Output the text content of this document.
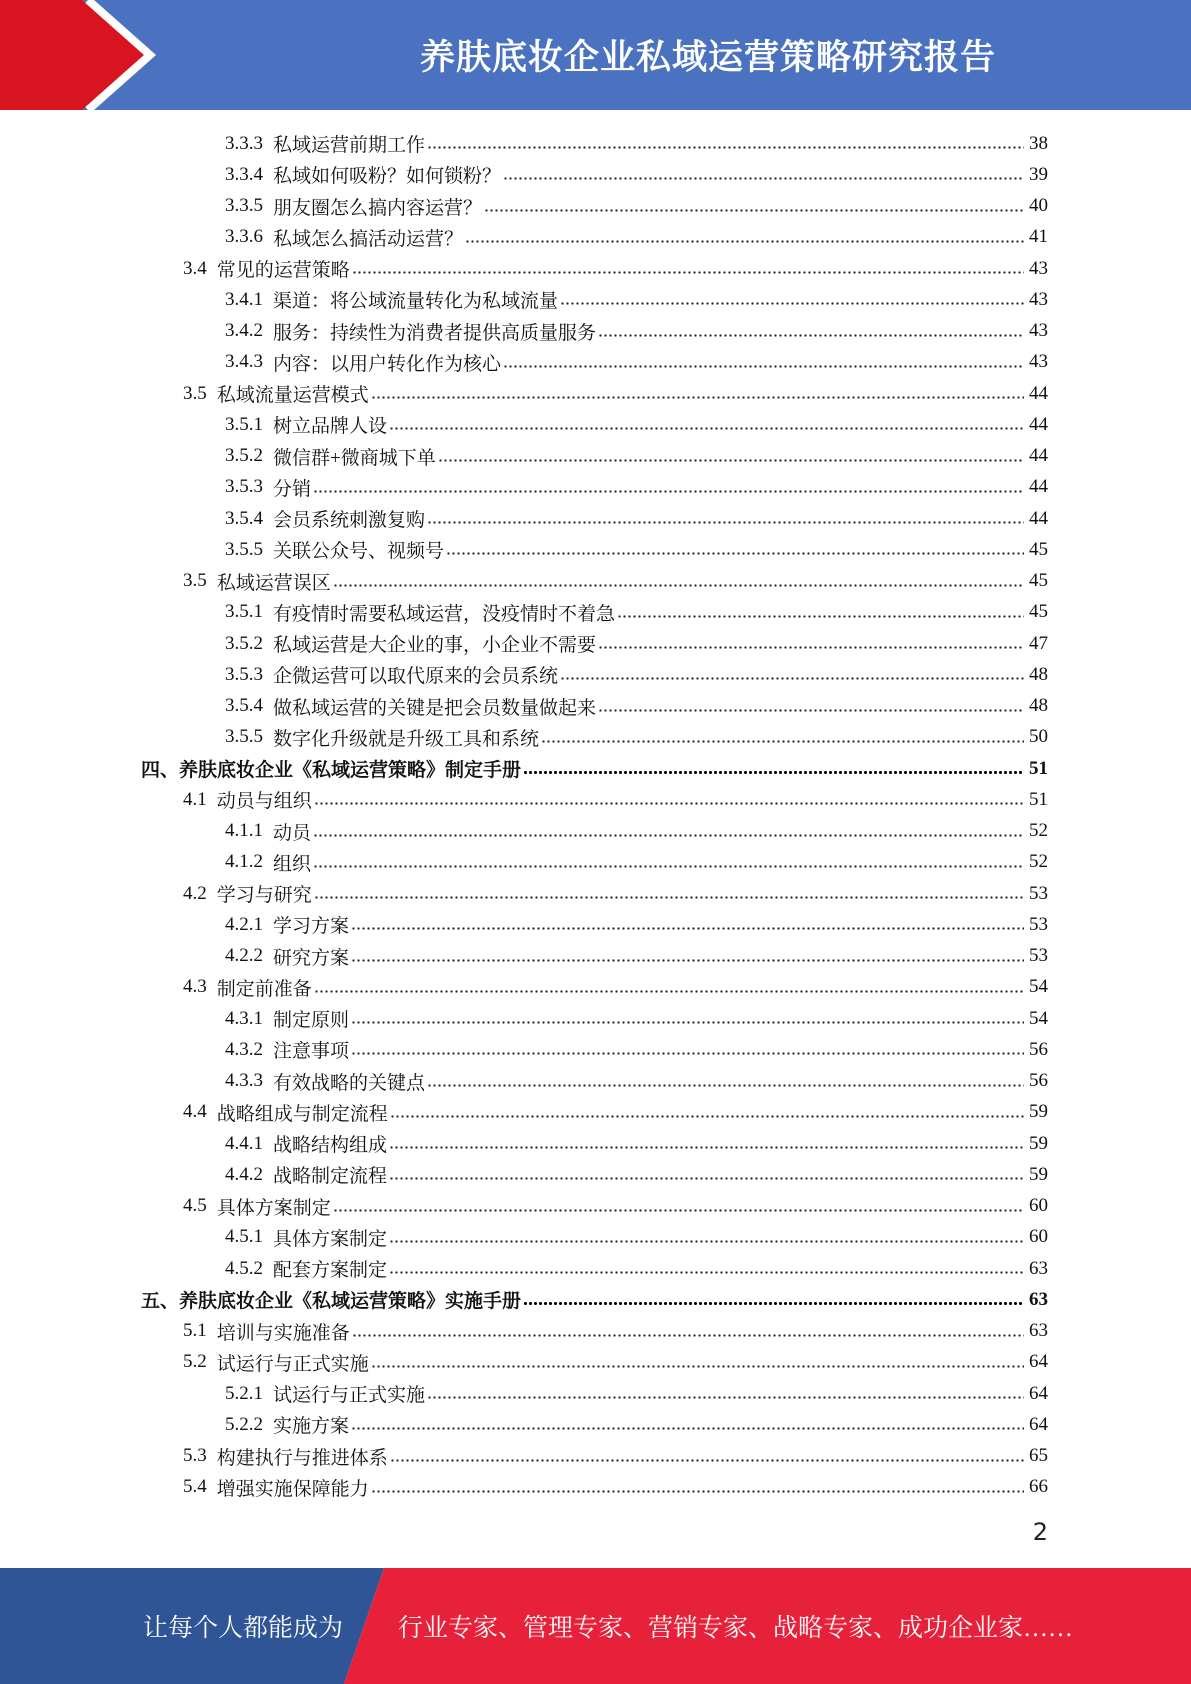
养肤底妆企业私域运营策略研究报告
3.3.3 私域运营前期工作	38
3.3.4 私域如何吸粉？如何锁粉？	39
3.3.5 朋友圈怎么搞内容运营？	40
3.3.6 私域怎么搞活动运营？	41
3.4 常见的运营策略	43
3.4.1 渠道：将公域流量转化为私域流量	43
3.4.2 服务：持续性为消费者提供高质量服务	43
3.4.3 内容：以用户转化作为核心	43
3.5 私域流量运营模式	44
3.5.1 树立品牌人设	44
3.5.2 微信群+微商城下单	44
3.5.3 分销	44
3.5.4 会员系统刺激复购	44
3.5.5 关联公众号、视频号	45
3.5 私域运营误区	45
3.5.1 有疫情时需要私域运营，没疫情时不着急	45
3.5.2 私域运营是大企业的事，小企业不需要	47
3.5.3 企微运营可以取代原来的会员系统	48
3.5.4 做私域运营的关键是把会员数量做起来	48
3.5.5 数字化升级就是升级工具和系统	50
四、养肤底妆企业《私域运营策略》制定手册	51
4.1 动员与组织	51
4.1.1 动员	52
4.1.2 组织	52
4.2 学习与研究	53
4.2.1 学习方案	53
4.2.2 研究方案	53
4.3 制定前准备	54
4.3.1 制定原则	54
4.3.2 注意事项	56
4.3.3 有效战略的关键点	56
4.4 战略组成与制定流程	59
4.4.1 战略结构组成	59
4.4.2 战略制定流程	59
4.5 具体方案制定	60
4.5.1 具体方案制定	60
4.5.2 配套方案制定	63
五、养肤底妆企业《私域运营策略》实施手册	63
5.1 培训与实施准备	63
5.2 试运行与正式实施	64
5.2.1 试运行与正式实施	64
5.2.2 实施方案	64
5.3 构建执行与推进体系	65
5.4 增强实施保障能力	66
2
让每个人都能成为 行业专家、管理专家、营销专家、战略专家、成功企业家……
